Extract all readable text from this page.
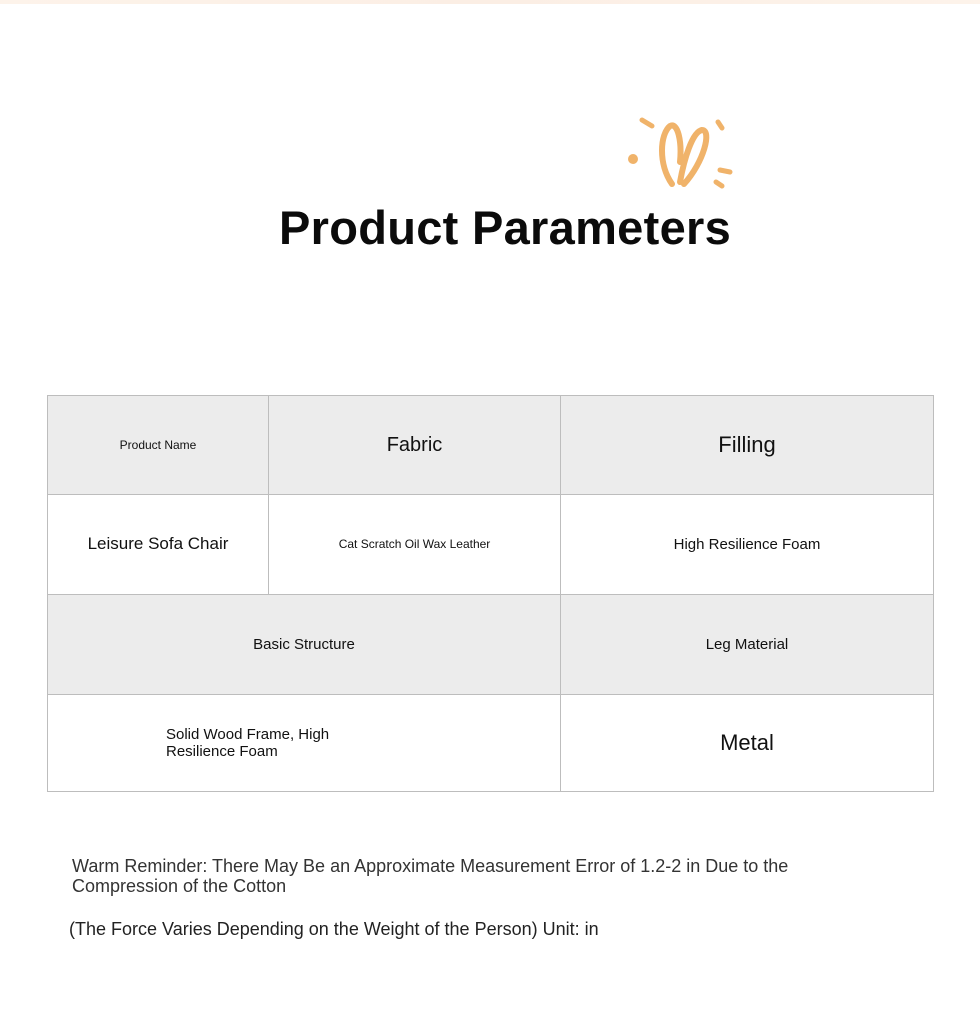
Product Parameters
Product Name	Fabric	Filling
Leisure Sofa Chair	Cat Scratch Oil Wax Leather	High Resilience Foam
Basic Structure		Leg Material

Solid Wood Frame, High Resilience Foam		Metal

Warm Reminder: There May Be an Approximate Measurement Error of 1.2-2 in Due to the Compression of the Cotton

(The Force Varies Depending on the Weight of the Person) Unit: in
